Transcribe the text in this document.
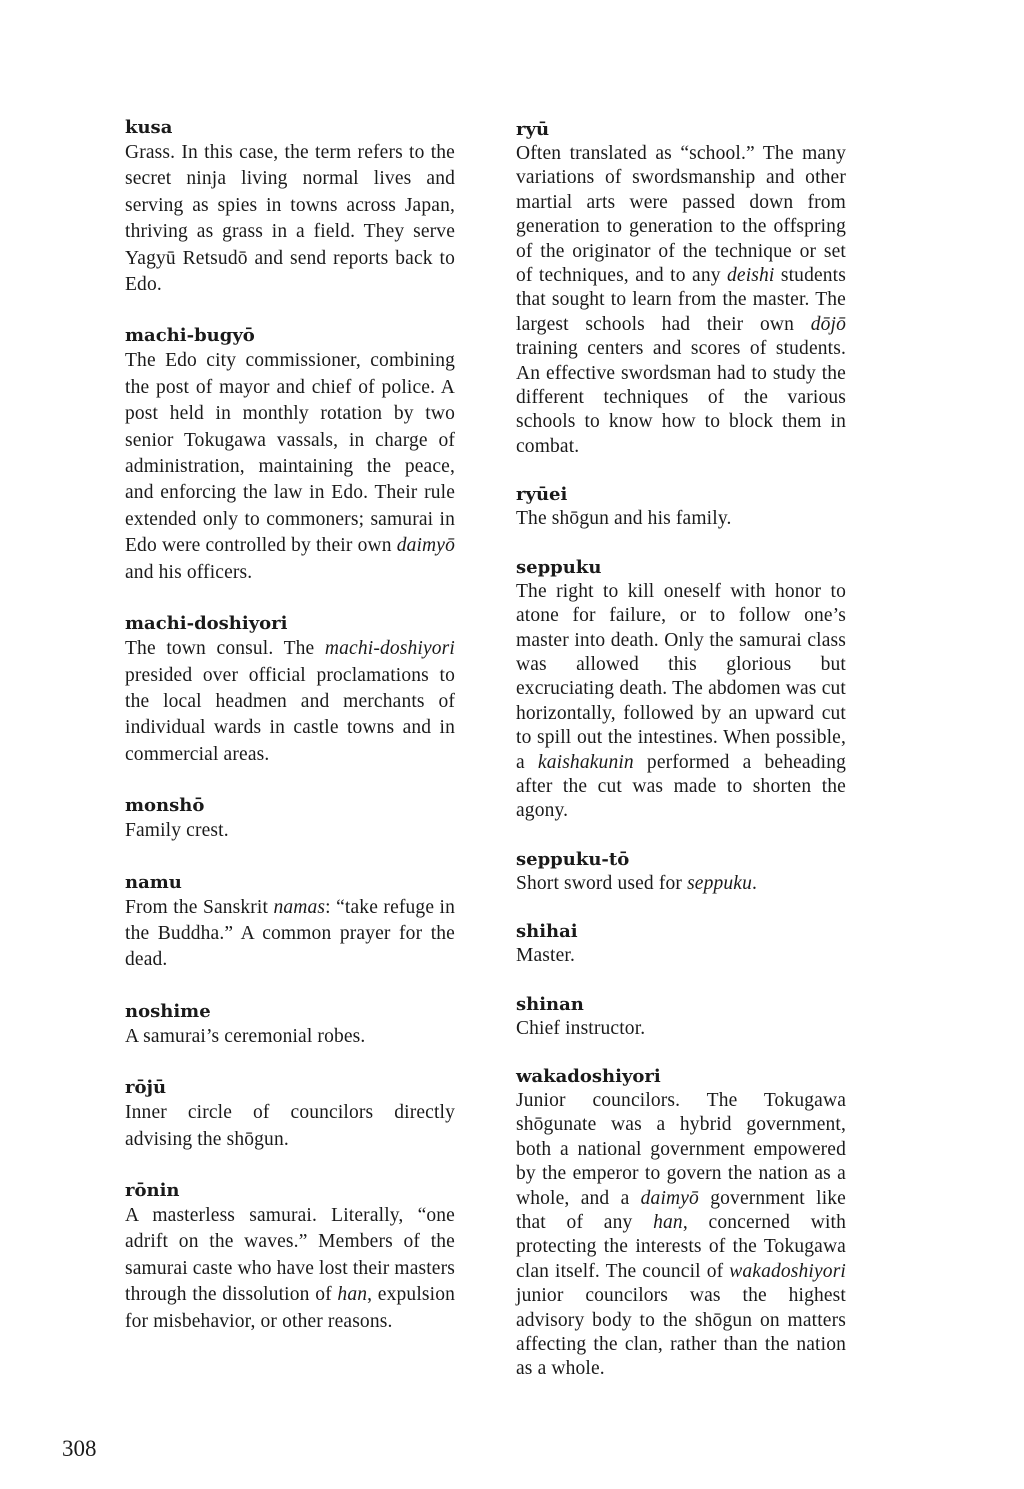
kusa

Grass. In this case, the term refers to the secret ninja living normal lives and serving as spies in towns across Japan, thriving as grass in a field. They serve Yagyū Retsudō and send reports back to Edo.

machi-bugyō

The Edo city commissioner, combining the post of mayor and chief of police. A post held in monthly rotation by two senior Tokugawa vassals, in charge of administration, maintaining the peace, and enforcing the law in Edo. Their rule extended only to commoners; samurai in Edo were controlled by their own daimyō and his officers.

machi-doshiyori

The town consul. The machi-doshiyori presided over official proclamations to the local headmen and merchants of individual wards in castle towns and in commercial areas.

monshō

Family crest.

namu

From the Sanskrit namas: “take refuge in the Buddha.” A common prayer for the dead.

noshime

A samurai’s ceremonial robes.

rōjū

Inner circle of councilors directly advising the shōgun.

rōnin

A masterless samurai. Literally, “one adrift on the waves.” Members of the samurai caste who have lost their masters through the dissolution of han, expulsion for misbehavior, or other reasons.

ryū

Often translated as “school.” The many variations of swordsmanship and other martial arts were passed down from generation to generation to the offspring of the originator of the technique or set of techniques, and to any deishi students that sought to learn from the master. The largest schools had their own dōjō training centers and scores of students. An effective swordsman had to study the different techniques of the various schools to know how to block them in combat.

ryūei

The shōgun and his family.

seppuku

The right to kill oneself with honor to atone for failure, or to follow one’s master into death. Only the samurai class was allowed this glorious but excruciating death. The abdomen was cut horizontally, followed by an upward cut to spill out the intestines. When possible, a kaishakunin performed a beheading after the cut was made to shorten the agony.

seppuku-tō

Short sword used for seppuku.

shihai

Master.

shinan

Chief instructor.

wakadoshiyori

Junior councilors. The Tokugawa shōgunate was a hybrid government, both a national government empowered by the emperor to govern the nation as a whole, and a daimyō government like that of any han, concerned with protecting the interests of the Tokugawa clan itself. The council of wakadoshiyori junior councilors was the highest advisory body to the shōgun on matters affecting the clan, rather than the nation as a whole.

308
